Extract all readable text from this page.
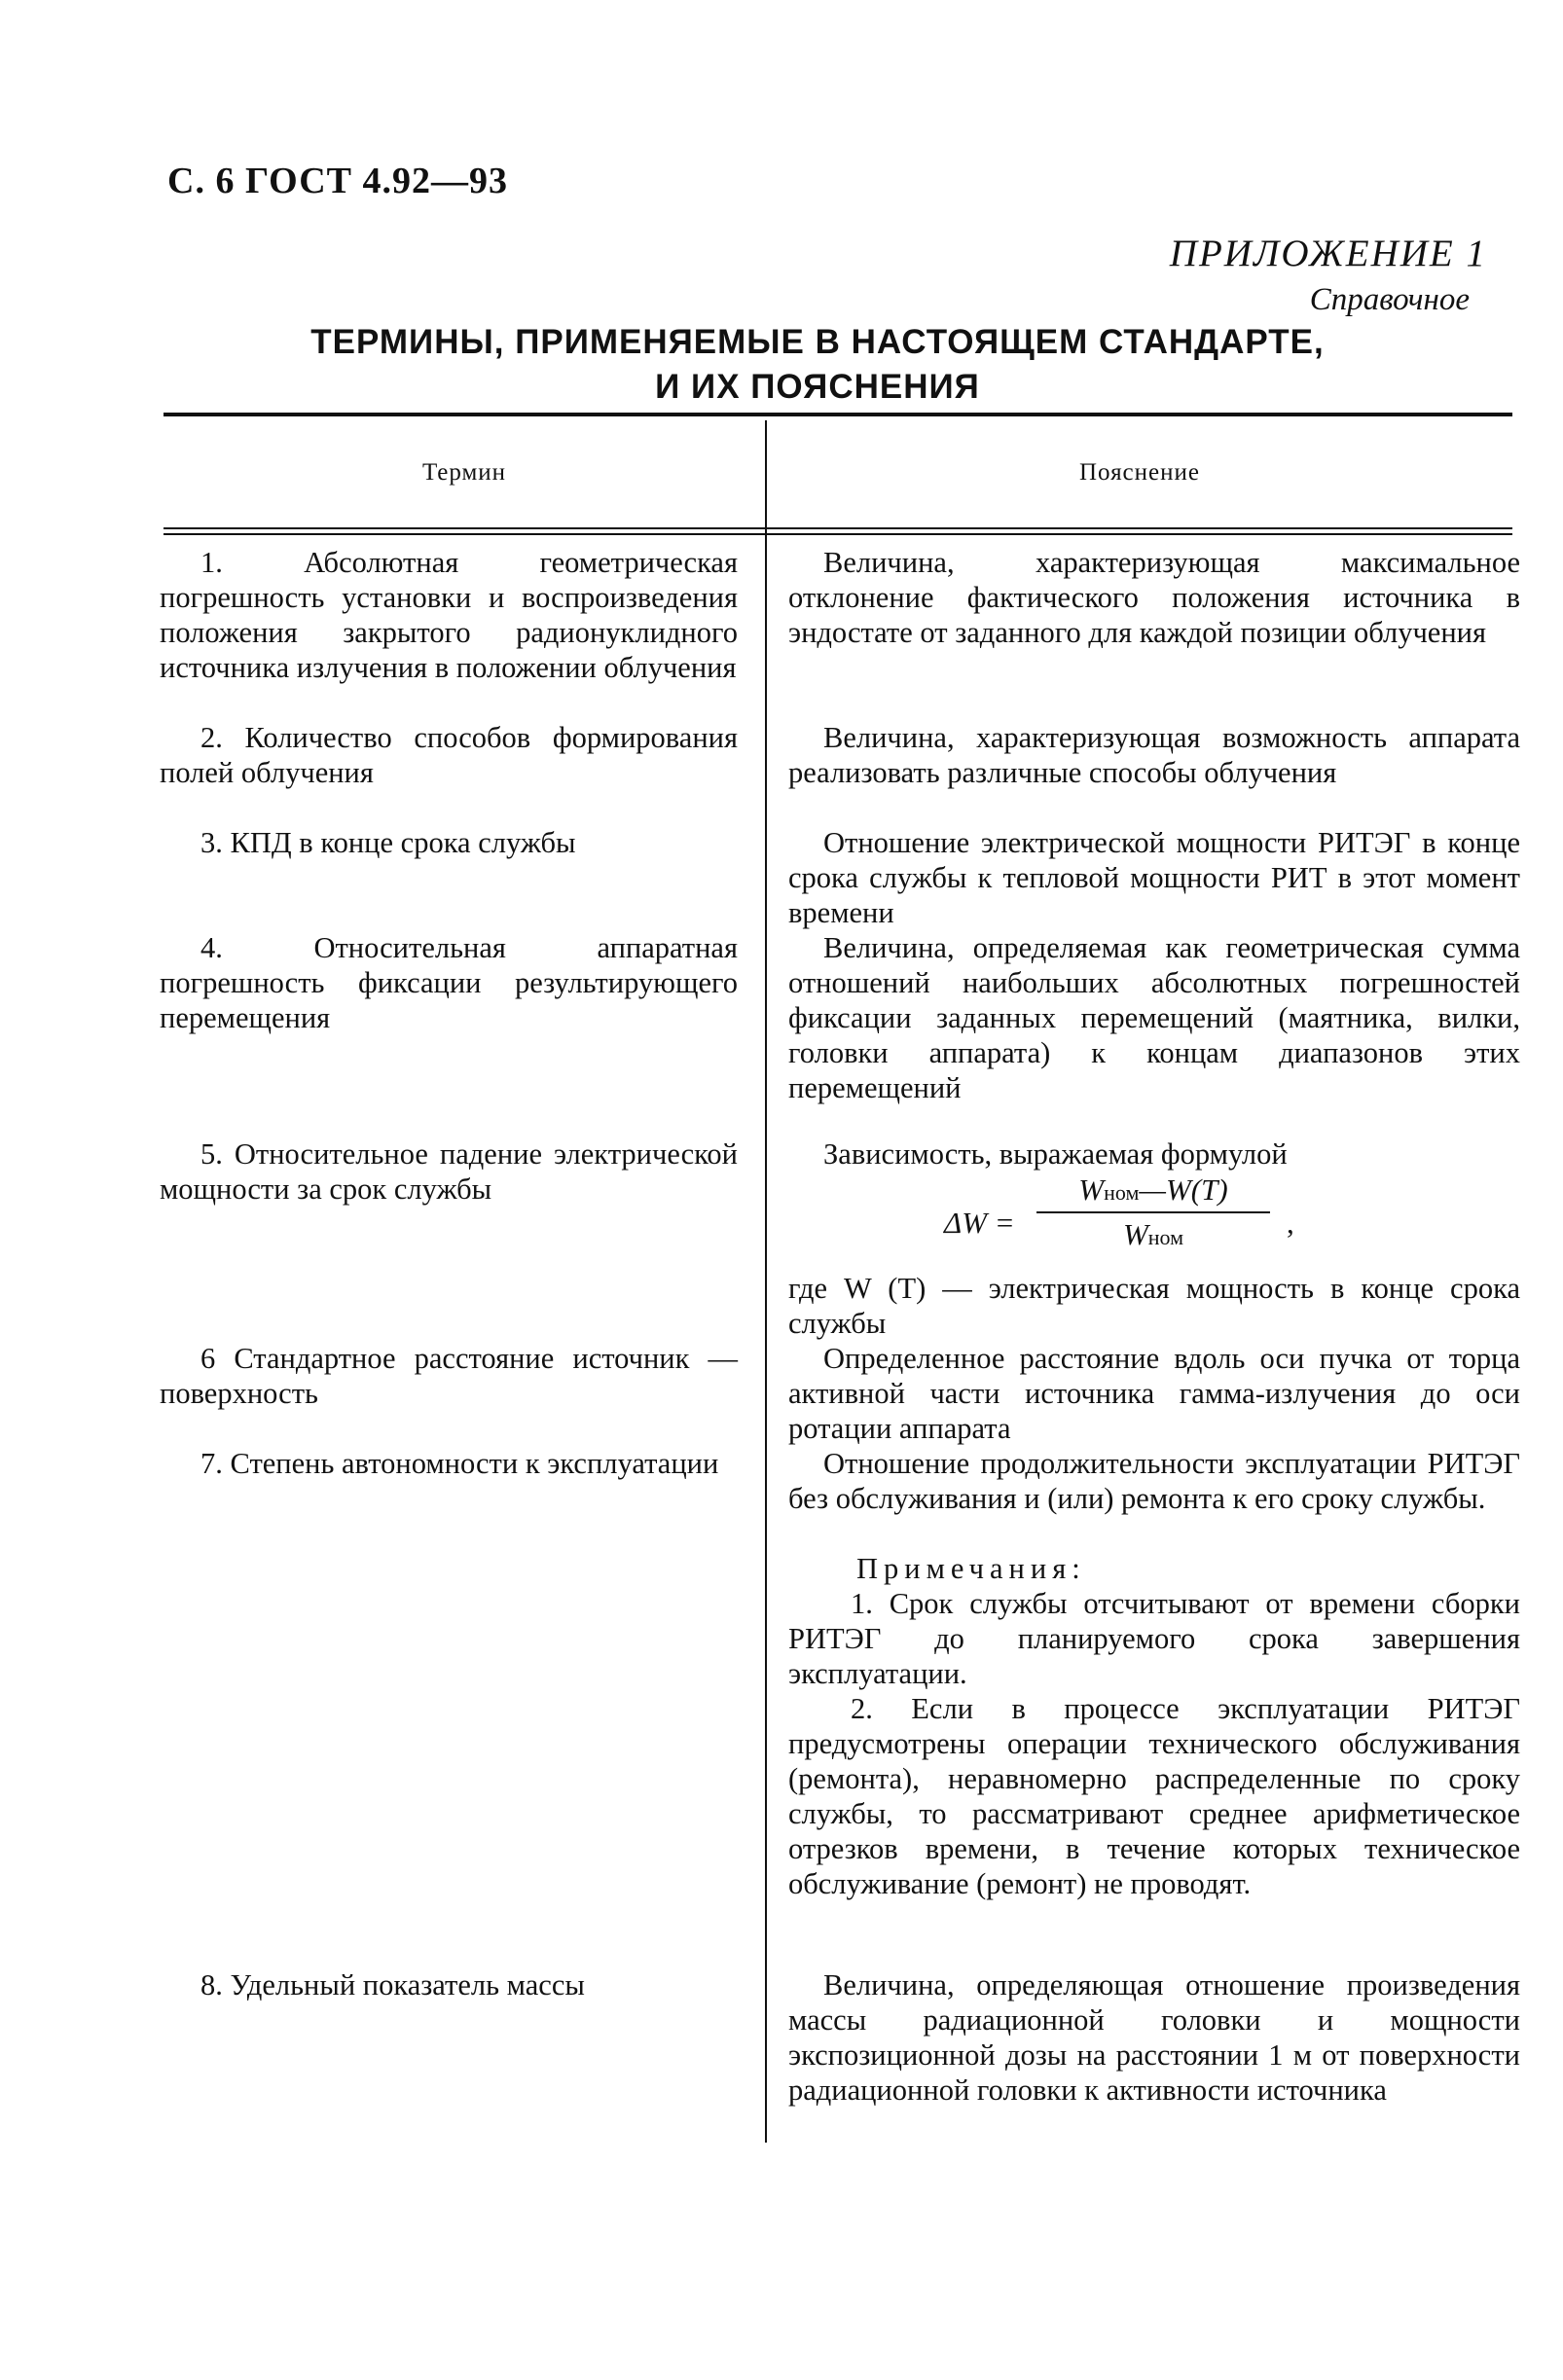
С. 6 ГОСТ 4.92—93
ПРИЛОЖЕНИЕ 1
Справочное
ТЕРМИНЫ, ПРИМЕНЯЕМЫЕ В НАСТОЯЩЕМ СТАНДАРТЕ,
И ИХ ПОЯСНЕНИЯ
Термин	Пояснение
1. Абсолютная геометрическая погрешность установки и воспроизведения положения закрытого радионуклидного источника излучения в положении облучения
2. Количество способов формирования полей облучения
3. КПД в конце срока службы
4. Относительная аппаратная погрешность фиксации результирующего перемещения
5. Относительное падение электрической мощности за срок службы
6 Стандартное расстояние источник — поверхность
7. Степень автономности к эксплуатации
8. Удельный показатель массы
Величина, характеризующая максимальное отклонение фактического положения источника в эндостате от заданного для каждой позиции облучения
Величина, характеризующая возможность аппарата реализовать различные способы облучения
Отношение электрической мощности РИТЭГ в конце срока службы к тепловой мощности РИТ в этот момент времени
Величина, определяемая как геометрическая сумма отношений наибольших абсолютных погрешностей фиксации заданных перемещений (маятника, вилки, головки аппарата) к концам диапазонов этих перемещений
Зависимость, выражаемая формулой
ΔW =
Wном—W(T)
Wном	,
где W (T) — электрическая мощность в конце срока службы
Определенное расстояние вдоль оси пучка от торца активной части источника гамма-излучения до оси ротации аппарата
Отношение продолжительности эксплуатации РИТЭГ без обслуживания и (или) ремонта к его сроку службы.
Примечания:
1. Срок службы отсчитывают от времени сборки РИТЭГ до планируемого срока завершения эксплуатации.
2. Если в процессе эксплуатации РИТЭГ предусмотрены операции технического обслуживания (ремонта), неравномерно распределенные по сроку службы, то рассматривают среднее арифметическое отрезков времени, в течение которых техническое обслуживание (ремонт) не проводят.
Величина, определяющая отношение произведения массы радиационной головки и мощности экспозиционной дозы на расстоянии 1 м от поверхности радиационной головки к активности источника
